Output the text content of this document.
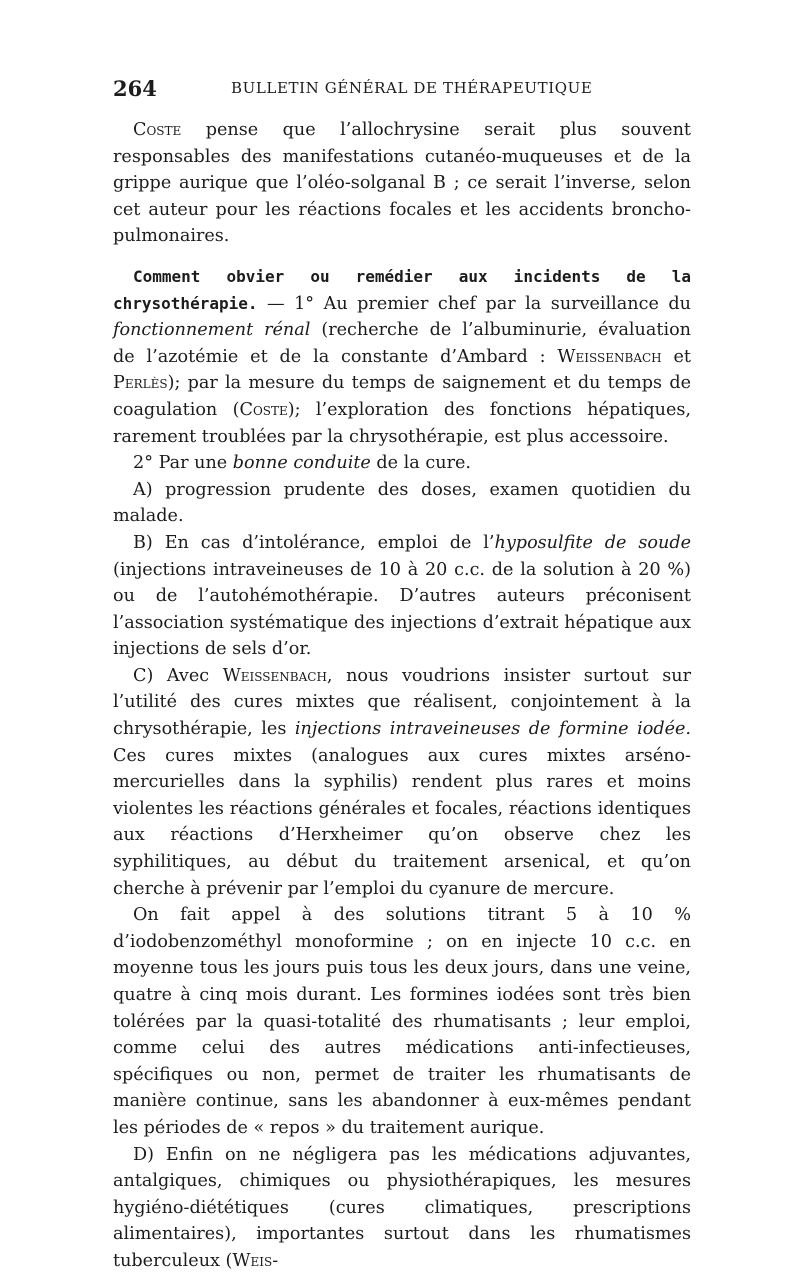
264	BULLETIN GÉNÉRAL DE THÉRAPEUTIQUE

Coste pense que l’allochrysine serait plus souvent responsables des manifestations cutanéo-muqueuses et de la grippe aurique que l’oléo-solganal B ; ce serait l’inverse, selon cet auteur pour les réactions focales et les accidents broncho-pulmonaires.

Comment obvier ou remédier aux incidents de la chrysothérapie. — 1° Au premier chef par la surveillance du fonctionnement rénal (recherche de l’albuminurie, évaluation de l’azotémie et de la constante d’Ambard : Weissenbach et Perlès); par la mesure du temps de saignement et du temps de coagulation (Coste); l’exploration des fonctions hépatiques, rarement troublées par la chrysothérapie, est plus accessoire.

2° Par une bonne conduite de la cure.

A) progression prudente des doses, examen quotidien du malade.

B) En cas d’intolérance, emploi de l’hyposulfite de soude (injections intraveineuses de 10 à 20 c.c. de la solution à 20 %) ou de l’autohémothérapie. D’autres auteurs préconisent l’association systématique des injections d’extrait hépatique aux injections de sels d’or.

C) Avec Weissenbach, nous voudrions insister surtout sur l’utilité des cures mixtes que réalisent, conjointement à la chrysothérapie, les injections intraveineuses de formine iodée. Ces cures mixtes (analogues aux cures mixtes arséno-mercurielles dans la syphilis) rendent plus rares et moins violentes les réactions générales et focales, réactions identiques aux réactions d’Herxheimer qu’on observe chez les syphilitiques, au début du traitement arsenical, et qu’on cherche à prévenir par l’emploi du cyanure de mercure.

On fait appel à des solutions titrant 5 à 10 % d’iodobenzométhyl monoformine ; on en injecte 10 c.c. en moyenne tous les jours puis tous les deux jours, dans une veine, quatre à cinq mois durant. Les formines iodées sont très bien tolérées par la quasi-totalité des rhumatisants ; leur emploi, comme celui des autres médications anti-infectieuses, spécifiques ou non, permet de traiter les rhumatisants de manière continue, sans les abandonner à eux-mêmes pendant les périodes de « repos » du traitement aurique.

D) Enfin on ne négligera pas les médications adjuvantes, antalgiques, chimiques ou physiothérapiques, les mesures hygiéno-diététiques (cures climatiques, prescriptions alimentaires), importantes surtout dans les rhumatismes tuberculeux (Weis-
